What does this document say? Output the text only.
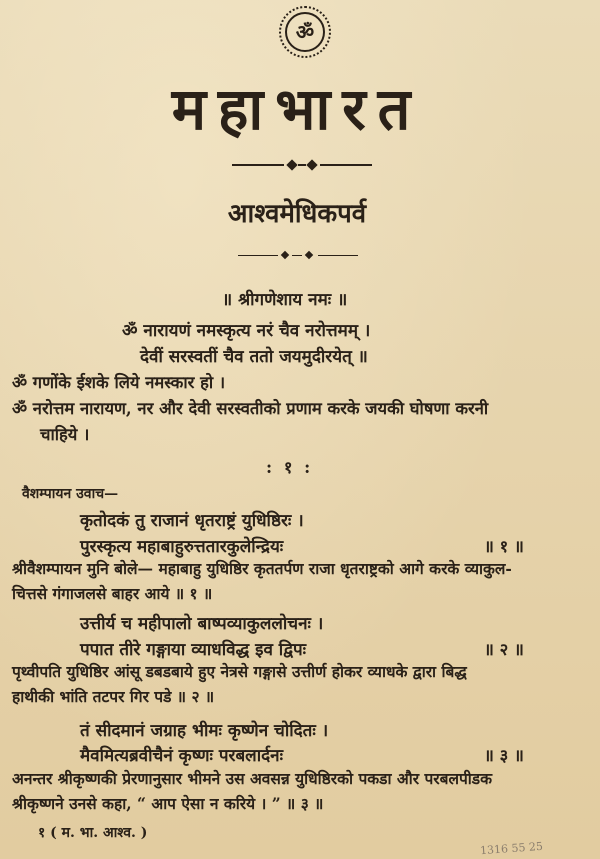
ॐ
महाभारत
आश्वमेधिकपर्व
॥ श्रीगणेशाय नमः ॥
ॐ नारायणं नमस्कृत्य नरं चैव नरोत्तमम् ।
देवीं सरस्वतीं चैव ततो जयमुदीरयेत् ॥
ॐ गणोंके ईशके लिये नमस्कार हो ।
ॐ नरोत्तम नारायण, नर और देवी सरस्वतीको प्रणाम करके जयकी घोषणा करनी
चाहिये ।
: १ :
वैशम्पायन उवाच—
कृतोदकं तु राजानं धृतराष्ट्रं युधिष्ठिरः ।
पुरस्कृत्य महाबाहुरुत्ततारकुलेन्द्रियः	॥ १ ॥
श्रीवैशम्पायन मुनि बोले— महाबाहु युधिष्ठिर कृततर्पण राजा धृतराष्ट्रको आगे करके व्याकुल-
चित्तसे गंगाजलसे बाहर आये ॥ १ ॥
उत्तीर्य च महीपालो बाष्पव्याकुललोचनः ।
पपात तीरे गङ्गाया व्याधविद्ध इव द्विपः	॥ २ ॥
पृथ्वीपति युधिष्ठिर आंसू डबडबाये हुए नेत्रसे गङ्गासे उत्तीर्ण होकर व्याधके द्वारा बिद्ध
हाथीकी भांति तटपर गिर पडे ॥ २ ॥
तं सीदमानं जग्राह भीमः कृष्णेन चोदितः ।
मैवमित्यब्रवीचैनं कृष्णः परबलार्दनः	॥ ३ ॥
अनन्तर श्रीकृष्णकी प्रेरणानुसार भीमने उस अवसन्न युधिष्ठिरको पकडा और परबलपीडक
श्रीकृष्णने उनसे कहा, “ आप ऐसा न करिये । ” ॥ ३ ॥
१ ( म. भा. आश्व. )
1316 55 25
